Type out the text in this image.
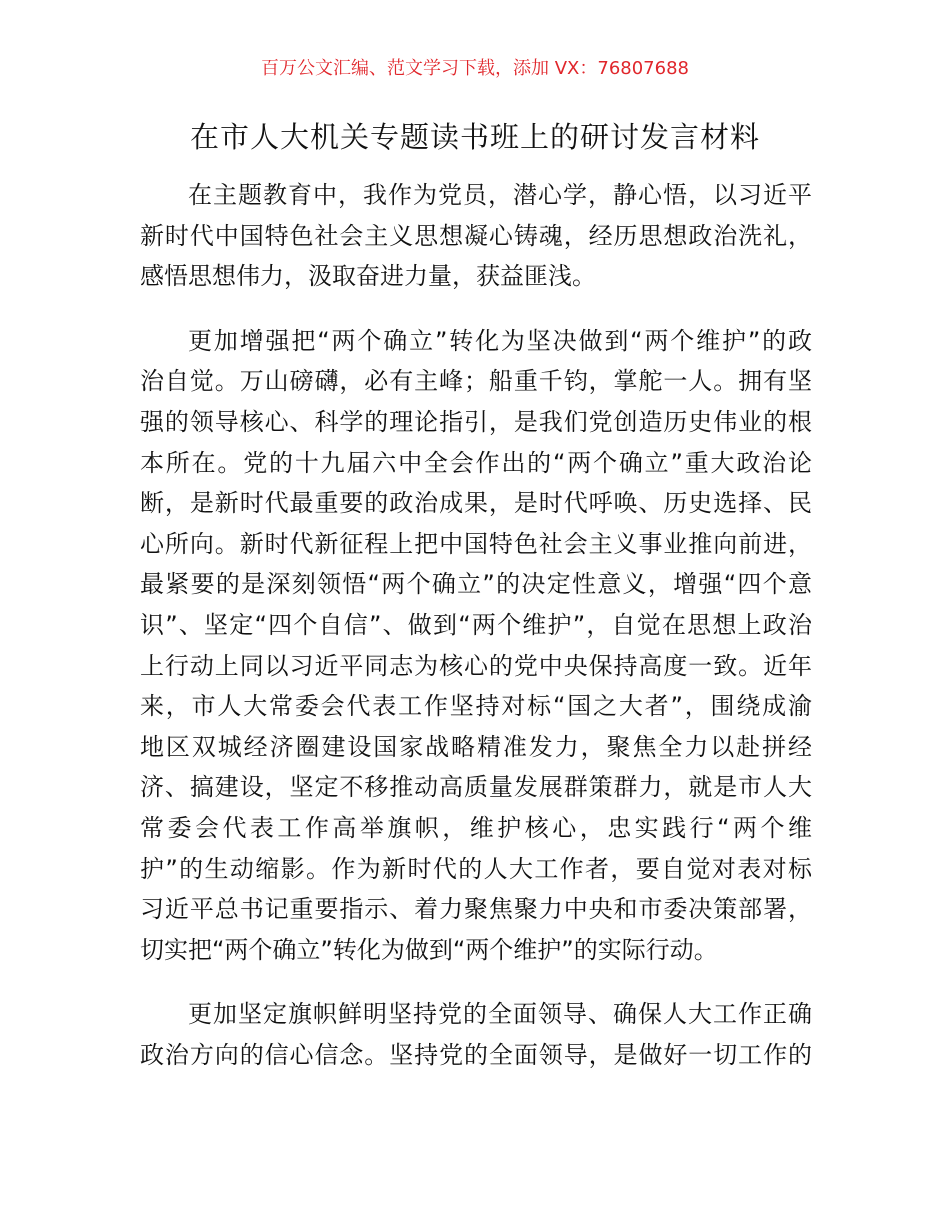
百万公文汇编、范文学习下载，添加 VX：76807688
在市人大机关专题读书班上的研讨发言材料
在主题教育中，我作为党员，潜心学，静心悟，以习近平
新时代中国特色社会主义思想凝心铸魂，经历思想政治洗礼，
感悟思想伟力，汲取奋进力量，获益匪浅。
更加增强把“两个确立”转化为坚决做到“两个维护”的政
治自觉。万山磅礴，必有主峰；船重千钧，掌舵一人。拥有坚
强的领导核心、科学的理论指引，是我们党创造历史伟业的根
本所在。党的十九届六中全会作出的“两个确立”重大政治论
断，是新时代最重要的政治成果，是时代呼唤、历史选择、民
心所向。新时代新征程上把中国特色社会主义事业推向前进，
最紧要的是深刻领悟“两个确立”的决定性意义，增强“四个意
识”、坚定“四个自信”、做到“两个维护”，自觉在思想上政治
上行动上同以习近平同志为核心的党中央保持高度一致。近年
来，市人大常委会代表工作坚持对标“国之大者”，围绕成渝
地区双城经济圈建设国家战略精准发力，聚焦全力以赴拼经
济、搞建设，坚定不移推动高质量发展群策群力，就是市人大
常委会代表工作高举旗帜，维护核心，忠实践行“两个维
护”的生动缩影。作为新时代的人大工作者，要自觉对表对标
习近平总书记重要指示、着力聚焦聚力中央和市委决策部署，
切实把“两个确立”转化为做到“两个维护”的实际行动。
更加坚定旗帜鲜明坚持党的全面领导、确保人大工作正确
政治方向的信心信念。坚持党的全面领导，是做好一切工作的
